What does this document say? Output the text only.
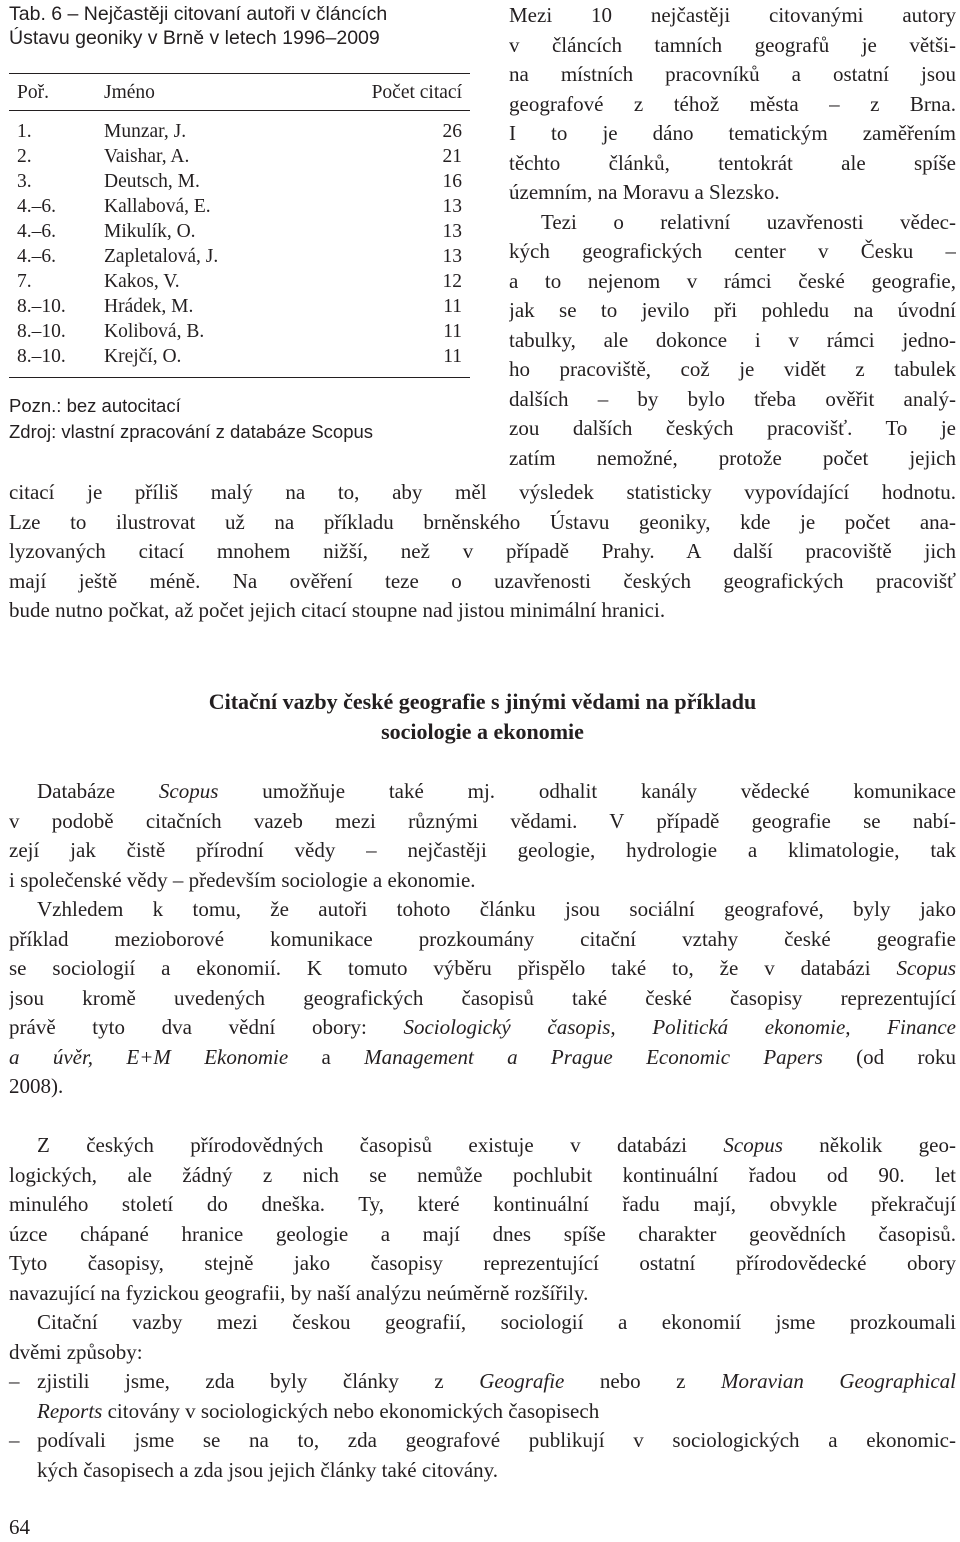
Tab. 6 – Nejčastěji citovaní autoři v článcích
Ústavu geoniky v Brně v letech 1996–2009
Poř.	Jméno	Počet citací
1.	Munzar, J.	26
2.	Vaishar, A.	21
3.	Deutsch, M.	16
4.–6. Kallabová, E.	13
4.–6. Mikulík, O.	13
4.–6. Zapletalová, J.	13
7.	Kakos, V.	12
8.–10. Hrádek, M.	11
8.–10. Kolibová, B.	11
8.–10. Krejčí, O.	11
Pozn.: bez autocitací
Zdroj: vlastní zpracování z databáze Scopus
Mezi 10 nejčastěji citovanými autory
v článcích tamních geografů je větši-
na místních pracovníků a ostatní jsou
geografové z téhož města – z Brna.
I to je dáno tematickým zaměřením
těchto článků, tentokrát ale spíše
územním, na Moravu a Slezsko.
Tezi o relativní uzavřenosti vědec-
kých geografických center v Česku –
a to nejenom v rámci české geografie,
jak se to jevilo při pohledu na úvodní
tabulky, ale dokonce i v rámci jedno-
ho pracoviště, což je vidět z tabulek
dalších – by bylo třeba ověřit analý-
zou dalších českých pracovišť. To je
zatím nemožné, protože počet jejich
citací je příliš malý na to, aby měl výsledek statisticky vypovídající hodnotu.
Lze to ilustrovat už na příkladu brněnského Ústavu geoniky, kde je počet ana-
lyzovaných citací mnohem nižší, než v případě Prahy. A další pracoviště jich
mají ještě méně. Na ověření teze o uzavřenosti českých geografických pracovišť
bude nutno počkat, až počet jejich citací stoupne nad jistou minimální hranici.
Citační vazby české geografie s jinými vědami na příkladu
sociologie a ekonomie
Databáze Scopus umožňuje také mj. odhalit kanály vědecké komunikace
v podobě citačních vazeb mezi různými vědami. V případě geografie se nabí-
zejí jak čistě přírodní vědy – nejčastěji geologie, hydrologie a klimatologie, tak
i společenské vědy – především sociologie a ekonomie.
Vzhledem k tomu, že autoři tohoto článku jsou sociální geografové, byly jako
příklad mezioborové komunikace prozkoumány citační vztahy české geografie
se sociologií a ekonomií. K tomuto výběru přispělo také to, že v databázi Scopus
jsou kromě uvedených geografických časopisů také české časopisy reprezentující
právě tyto dva vědní obory: Sociologický časopis, Politická ekonomie, Finance
a úvěr, E+M Ekonomie a Management a Prague Economic Papers (od roku
2008).
Z českých přírodovědných časopisů existuje v databázi Scopus několik geo-
logických, ale žádný z nich se nemůže pochlubit kontinuální řadou od 90. let
minulého století do dneška. Ty, které kontinuální řadu mají, obvykle překračují
úzce chápané hranice geologie a mají dnes spíše charakter geovědních časopisů.
Tyto časopisy, stejně jako časopisy reprezentující ostatní přírodovědecké obory
navazující na fyzickou geografii, by naší analýzu neúměrně rozšířily.
Citační vazby mezi českou geografií, sociologií a ekonomií jsme prozkoumali
dvěmi způsoby:
– zjistili jsme, zda byly články z Geografie nebo z Moravian Geographical
Reports citovány v sociologických nebo ekonomických časopisech
– podívali jsme se na to, zda geografové publikují v sociologických a ekonomic-
kých časopisech a zda jsou jejich články také citovány.
64
